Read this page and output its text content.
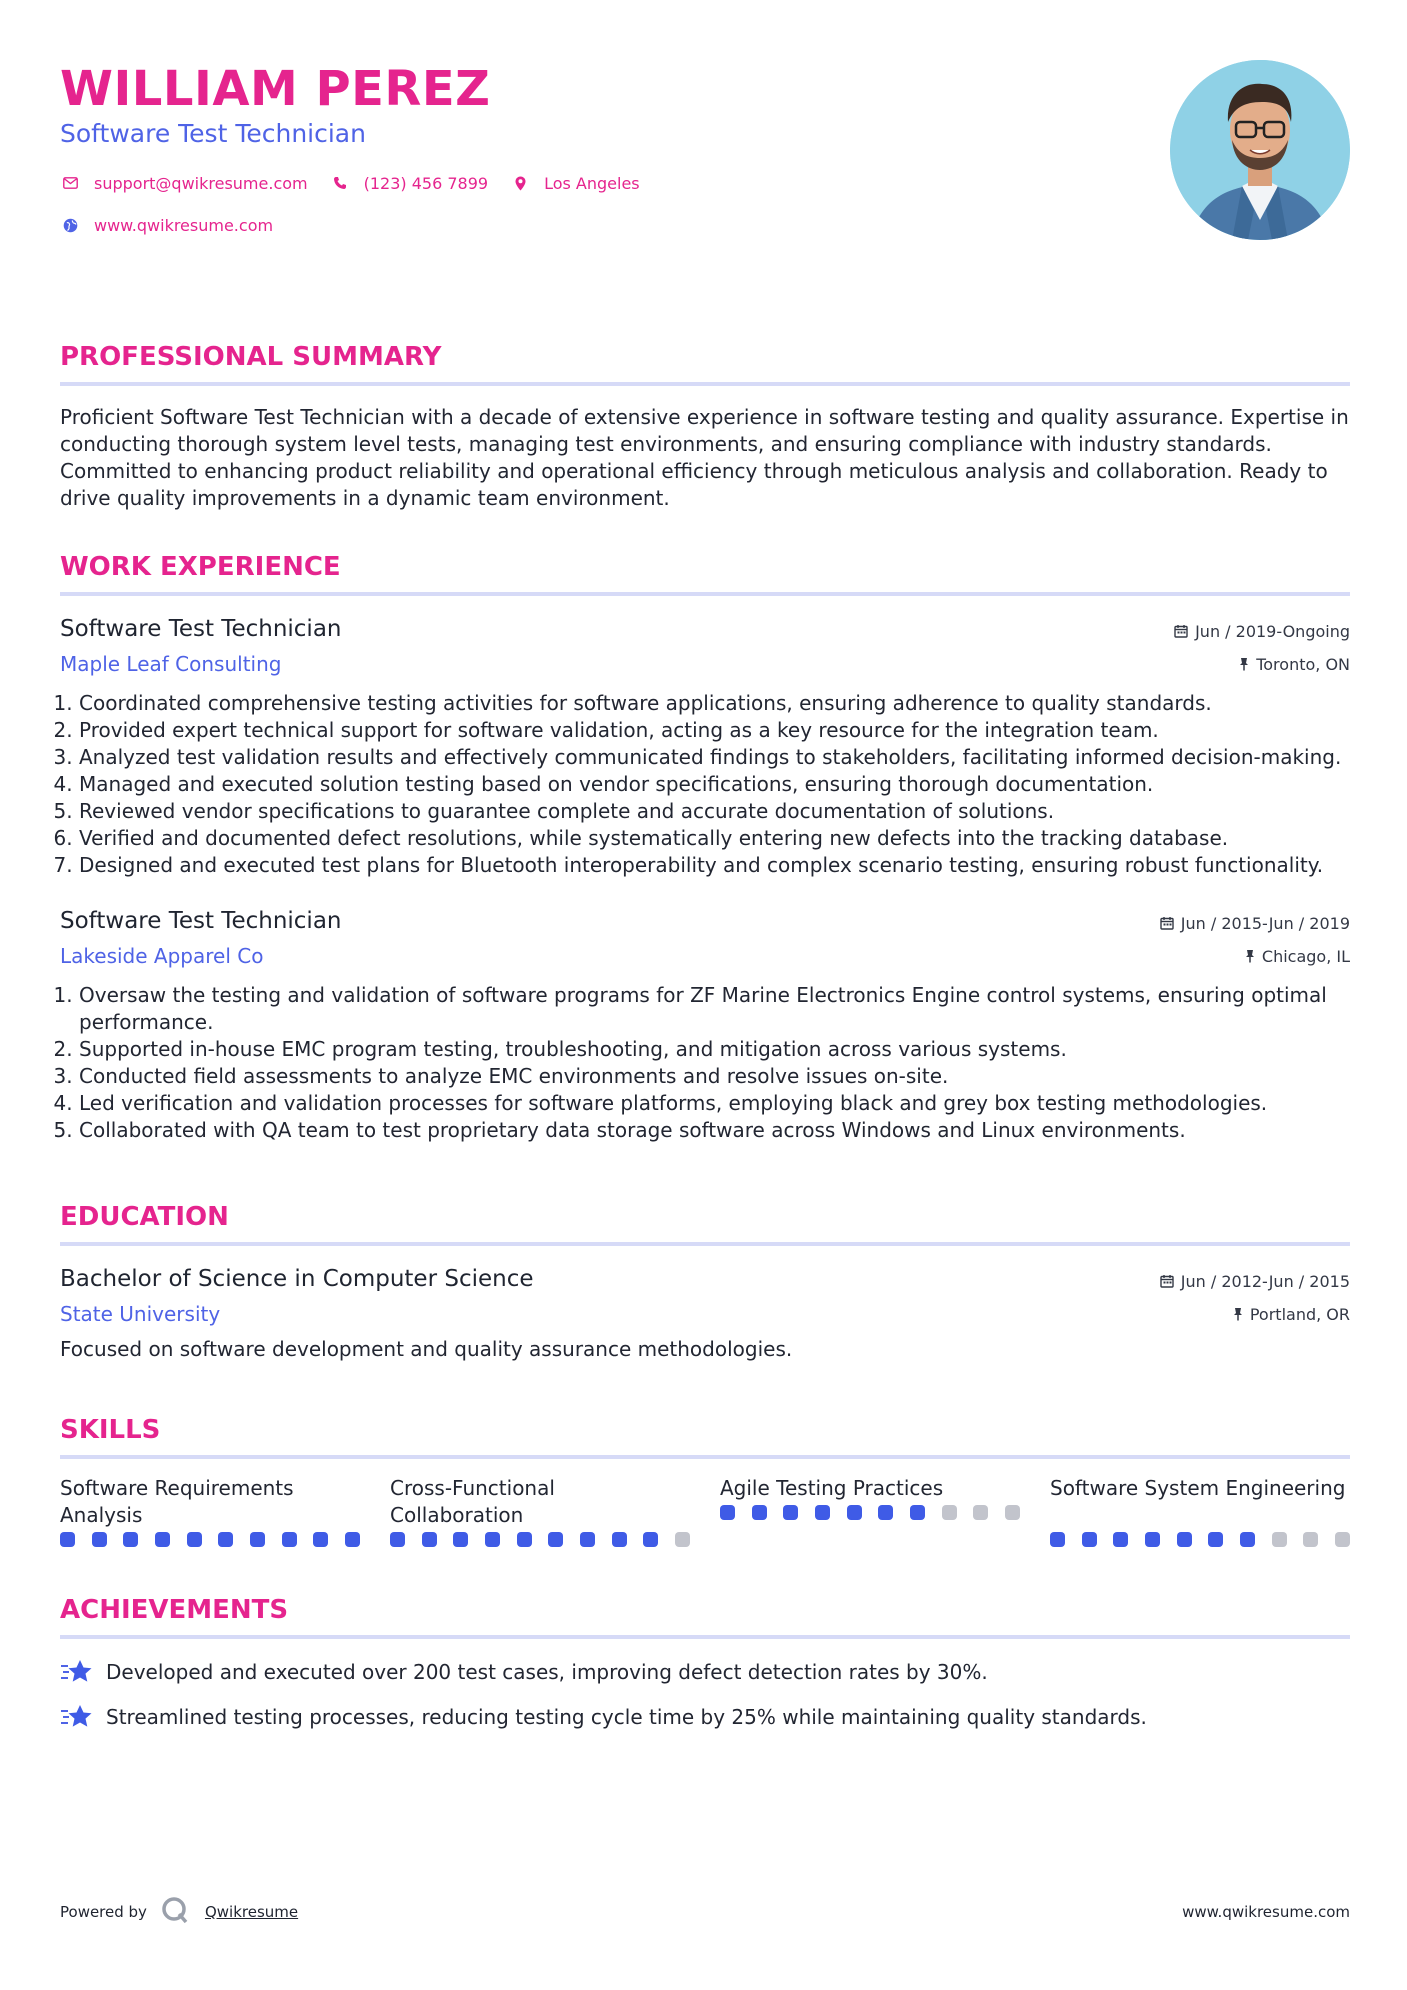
WILLIAM PEREZ
Software Test Technician
support@qwikresume.com	(123) 456 7899	Los Angeles
www.qwikresume.com
PROFESSIONAL SUMMARY
Proficient Software Test Technician with a decade of extensive experience in software testing and quality assurance. Expertise in conducting thorough system level tests, managing test environments, and ensuring compliance with industry standards. Committed to enhancing product reliability and operational efficiency through meticulous analysis and collaboration. Ready to drive quality improvements in a dynamic team environment.
WORK EXPERIENCE
Software Test Technician
Maple Leaf Consulting
Jun / 2019-Ongoing
Toronto, ON
1. Coordinated comprehensive testing activities for software applications, ensuring adherence to quality standards.
2. Provided expert technical support for software validation, acting as a key resource for the integration team.
3. Analyzed test validation results and effectively communicated findings to stakeholders, facilitating informed decision-making.
4. Managed and executed solution testing based on vendor specifications, ensuring thorough documentation.
5. Reviewed vendor specifications to guarantee complete and accurate documentation of solutions.
6. Verified and documented defect resolutions, while systematically entering new defects into the tracking database.
7. Designed and executed test plans for Bluetooth interoperability and complex scenario testing, ensuring robust functionality.
Software Test Technician
Lakeside Apparel Co
Jun / 2015-Jun / 2019
Chicago, IL
1. Oversaw the testing and validation of software programs for ZF Marine Electronics Engine control systems, ensuring optimal performance.
2. Supported in-house EMC program testing, troubleshooting, and mitigation across various systems.
3. Conducted field assessments to analyze EMC environments and resolve issues on-site.
4. Led verification and validation processes for software platforms, employing black and grey box testing methodologies.
5. Collaborated with QA team to test proprietary data storage software across Windows and Linux environments.
EDUCATION
Bachelor of Science in Computer Science
State University
Jun / 2012-Jun / 2015
Portland, OR
Focused on software development and quality assurance methodologies.
SKILLS
Software Requirements Analysis
Cross-Functional Collaboration
Agile Testing Practices	Software System Engineering
ACHIEVEMENTS
Developed and executed over 200 test cases, improving defect detection rates by 30%.
Streamlined testing processes, reducing testing cycle time by 25% while maintaining quality standards.
Powered by	Qwikresume	www.qwikresume.com
